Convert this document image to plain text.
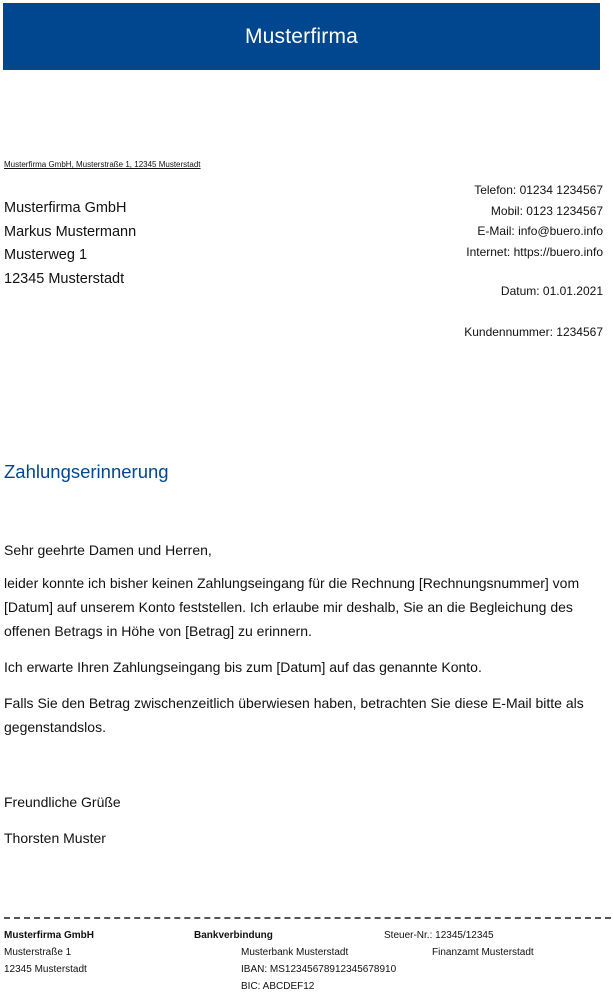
Musterfirma
Musterfirma GmbH, Musterstraße 1, 12345 Musterstadt
Musterfirma GmbH
Markus Mustermann
Musterweg 1
12345 Musterstadt
Telefon: 01234 1234567
Mobil: 0123 1234567
E-Mail: info@buero.info
Internet: https://buero.info
Datum: 01.01.2021
Kundennummer: 1234567
Zahlungserinnerung

Sehr geehrte Damen und Herren,

leider konnte ich bisher keinen Zahlungseingang für die Rechnung [Rechnungsnummer] vom [Datum] auf unserem Konto feststellen. Ich erlaube mir deshalb, Sie an die Begleichung des offenen Betrags in Höhe von [Betrag] zu erinnern.

Ich erwarte Ihren Zahlungseingang bis zum [Datum] auf das genannte Konto.

Falls Sie den Betrag zwischenzeitlich überwiesen haben, betrachten Sie diese E-Mail bitte als gegenstandslos.

Freundliche Grüße
Thorsten Muster
Musterfirma GmbH
Musterstraße 1
12345 Musterstadt
Bankverbindung
Musterbank Musterstadt
IBAN: MS12345678912345678910
BIC: ABCDEF12
Steuer-Nr.: 12345/12345
Finanzamt Musterstadt
